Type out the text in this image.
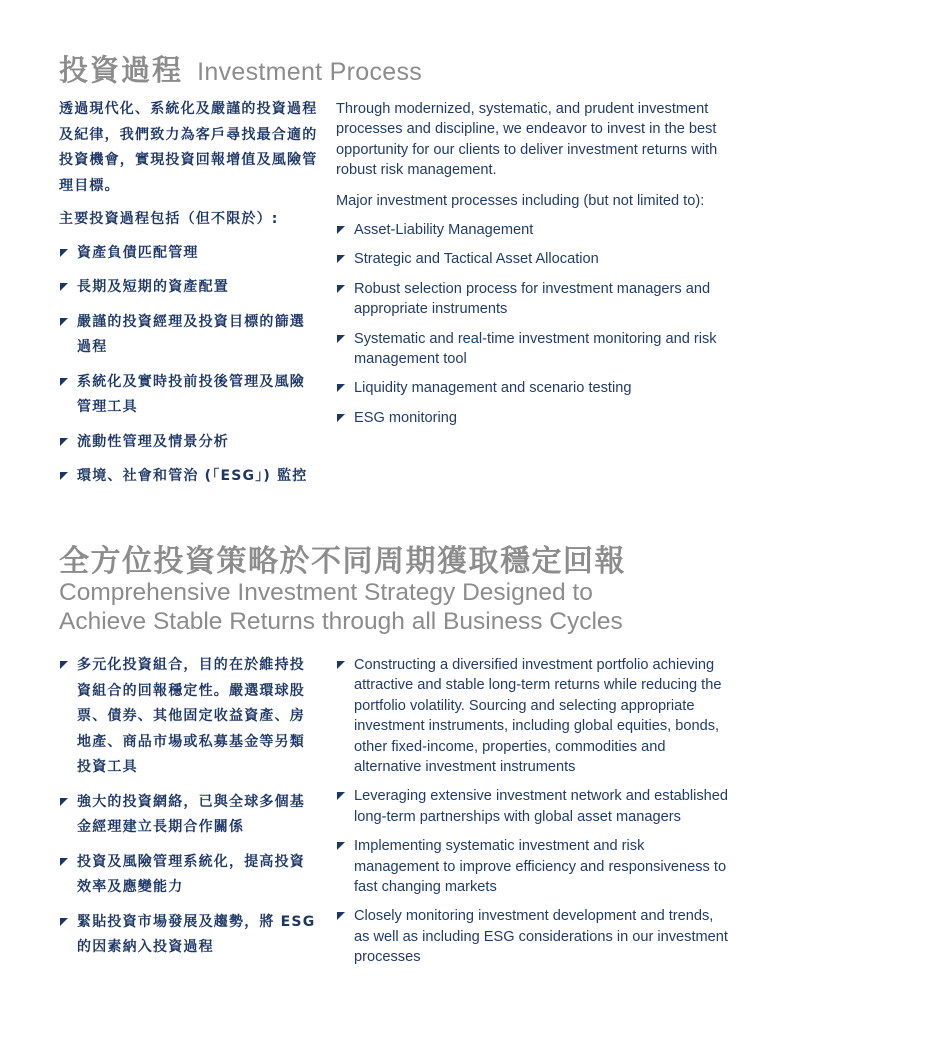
投資過程 Investment Process

透過現代化、系統化及嚴謹的投資過程及紀律，我們致力為客戶尋找最合適的投資機會，實現投資回報增值及風險管理目標。

主要投資過程包括（但不限於）:

資產負債匹配管理
長期及短期的資產配置
嚴謹的投資經理及投資目標的篩選過程
系統化及實時投前投後管理及風險管理工具
流動性管理及情景分析
環境、社會和管治 (「ESG」) 監控

Through modernized, systematic, and prudent investment processes and discipline, we endeavor to invest in the best opportunity for our clients to deliver investment returns with robust risk management.

Major investment processes including (but not limited to):

Asset-Liability Management
Strategic and Tactical Asset Allocation
Robust selection process for investment managers and appropriate instruments
Systematic and real-time investment monitoring and risk management tool
Liquidity management and scenario testing
ESG monitoring
全方位投資策略於不同周期獲取穩定回報
Comprehensive Investment Strategy Designed to
Achieve Stable Returns through all Business Cycles
多元化投資組合，目的在於維持投資組合的回報穩定性。嚴選環球股票、債券、其他固定收益資產、房地產、商品市場或私募基金等另類投資工具
強大的投資網絡，已與全球多個基金經理建立長期合作關係
投資及風險管理系統化，提高投資效率及應變能力
緊貼投資市場發展及趨勢，將 ESG 的因素納入投資過程
Constructing a diversified investment portfolio achieving attractive and stable long-term returns while reducing the portfolio volatility. Sourcing and selecting appropriate investment instruments, including global equities, bonds, other fixed-income, properties, commodities and alternative investment instruments
Leveraging extensive investment network and established long-term partnerships with global asset managers
Implementing systematic investment and risk management to improve efficiency and responsiveness to fast changing markets
Closely monitoring investment development and trends, as well as including ESG considerations in our investment processes
